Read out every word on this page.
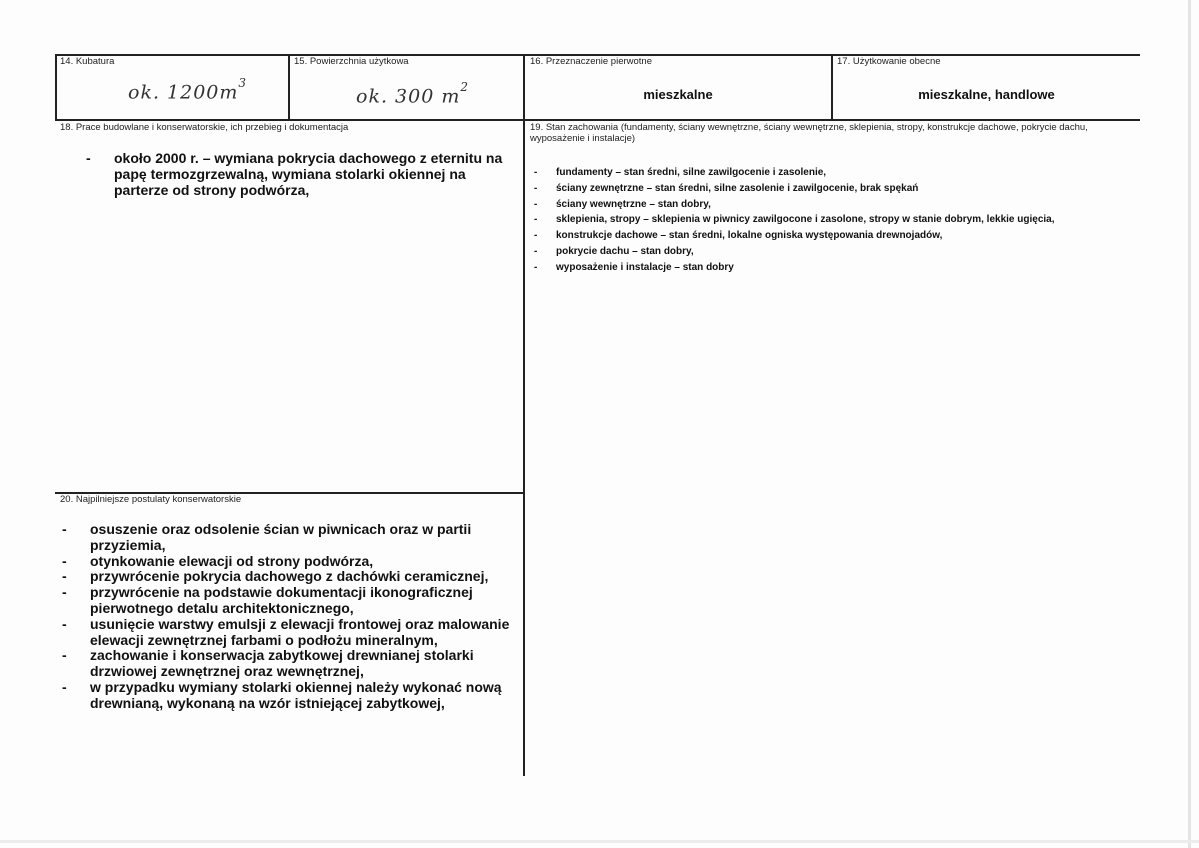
14. Kubatura
ok. $1200m^3$
15. Powierzchnia użytkowa
ok. 300 $m^2$
16. Przeznaczenie pierwotne
mieszkalne
17. Użytkowanie obecne
mieszkalne, handlowe
18. Prace budowlane i konserwatorskie, ich przebieg i dokumentacja
- około 2000 r. – wymiana pokrycia dachowego z eternitu na papę termozgrzewalną, wymiana stolarki okiennej na parterze od strony podwórza,
19. Stan zachowania (fundamenty, ściany wewnętrzne, ściany wewnętrzne, sklepienia, stropy, konstrukcje dachowe, pokrycie dachu, wyposażenie i instalacje)
- fundamenty – stan średni, silne zawilgocenie i zasolenie,
- ściany zewnętrzne – stan średni, silne zasolenie i zawilgocenie, brak spękań
- ściany wewnętrzne – stan dobry,
- sklepienia, stropy – sklepienia w piwnicy zawilgocone i zasolone, stropy w stanie dobrym, lekkie ugięcia,
- konstrukcje dachowe – stan średni, lokalne ogniska występowania drewnojadów,
- pokrycie dachu – stan dobry,
- wyposażenie i instalacje – stan dobry
20. Najpilniejsze postulaty konserwatorskie
- osuszenie oraz odsolenie ścian w piwnicach oraz w partii przyziemia,
- otynkowanie elewacji od strony podwórza,
- przywrócenie pokrycia dachowego z dachówki ceramicznej,
- przywrócenie na podstawie dokumentacji ikonograficznej pierwotnego detalu architektonicznego,
- usunięcie warstwy emulsji z elewacji frontowej oraz malowanie elewacji zewnętrznej farbami o podłożu mineralnym,
- zachowanie i konserwacja zabytkowej drewnianej stolarki drzwiowej zewnętrznej oraz wewnętrznej,
- w przypadku wymiany stolarki okiennej należy wykonać nową drewnianą, wykonaną na wzór istniejącej zabytkowej,
